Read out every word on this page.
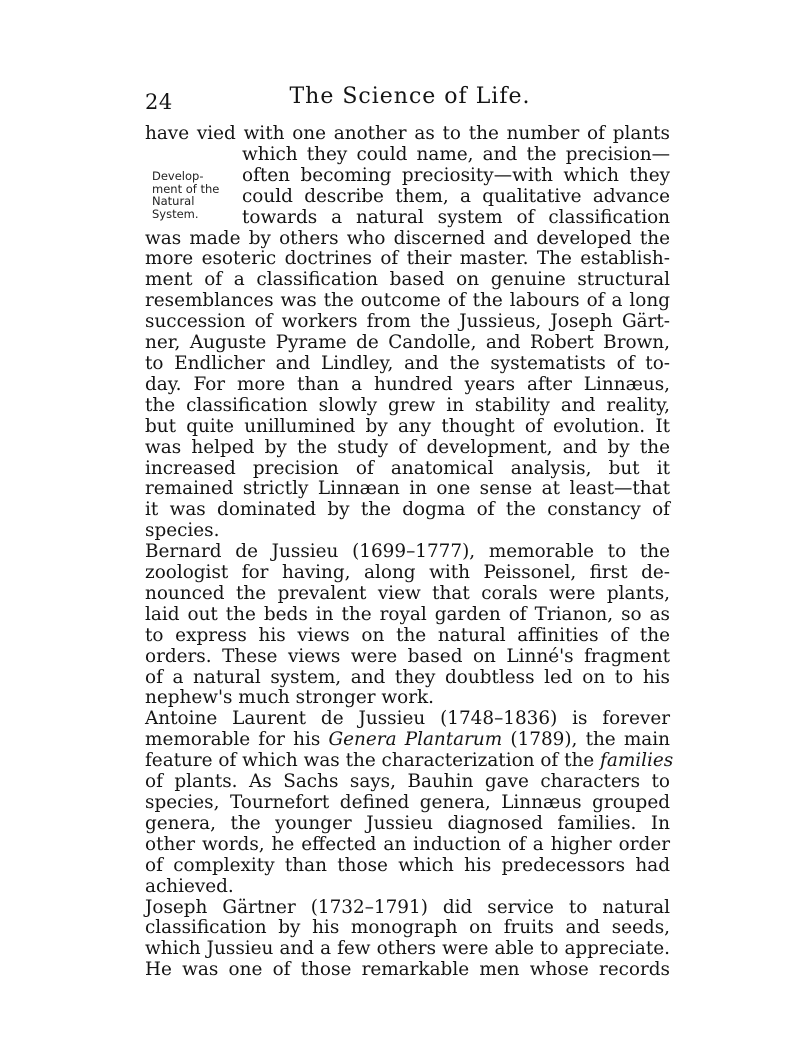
24	The Science of Life.
Develop-
ment of the
Natural
System.

have vied with one another as to the number of plants
which they could name, and the precision—
often becoming preciosity—with which they
could describe them, a qualitative advance
towards a natural system of classification
was made by others who discerned and developed the
more esoteric doctrines of their master. The establish-
ment of a classification based on genuine structural
resemblances was the outcome of the labours of a long
succession of workers from the Jussieus, Joseph Gärt-
ner, Auguste Pyrame de Candolle, and Robert Brown,
to Endlicher and Lindley, and the systematists of to-
day. For more than a hundred years after Linnæus,
the classification slowly grew in stability and reality,
but quite unillumined by any thought of evolution. It
was helped by the study of development, and by the
increased precision of anatomical analysis, but it
remained strictly Linnæan in one sense at least—that
it was dominated by the dogma of the constancy of
species.

Bernard de Jussieu (1699–1777), memorable to the
zoologist for having, along with Peissonel, first de-
nounced the prevalent view that corals were plants,
laid out the beds in the royal garden of Trianon, so as
to express his views on the natural affinities of the
orders. These views were based on Linné's fragment
of a natural system, and they doubtless led on to his
nephew's much stronger work.

Antoine Laurent de Jussieu (1748–1836) is forever
memorable for his Genera Plantarum (1789), the main
feature of which was the characterization of the families
of plants. As Sachs says, Bauhin gave characters to
species, Tournefort defined genera, Linnæus grouped
genera, the younger Jussieu diagnosed families. In
other words, he effected an induction of a higher order
of complexity than those which his predecessors had
achieved.

Joseph Gärtner (1732–1791) did service to natural
classification by his monograph on fruits and seeds,
which Jussieu and a few others were able to appreciate.
He was one of those remarkable men whose records
